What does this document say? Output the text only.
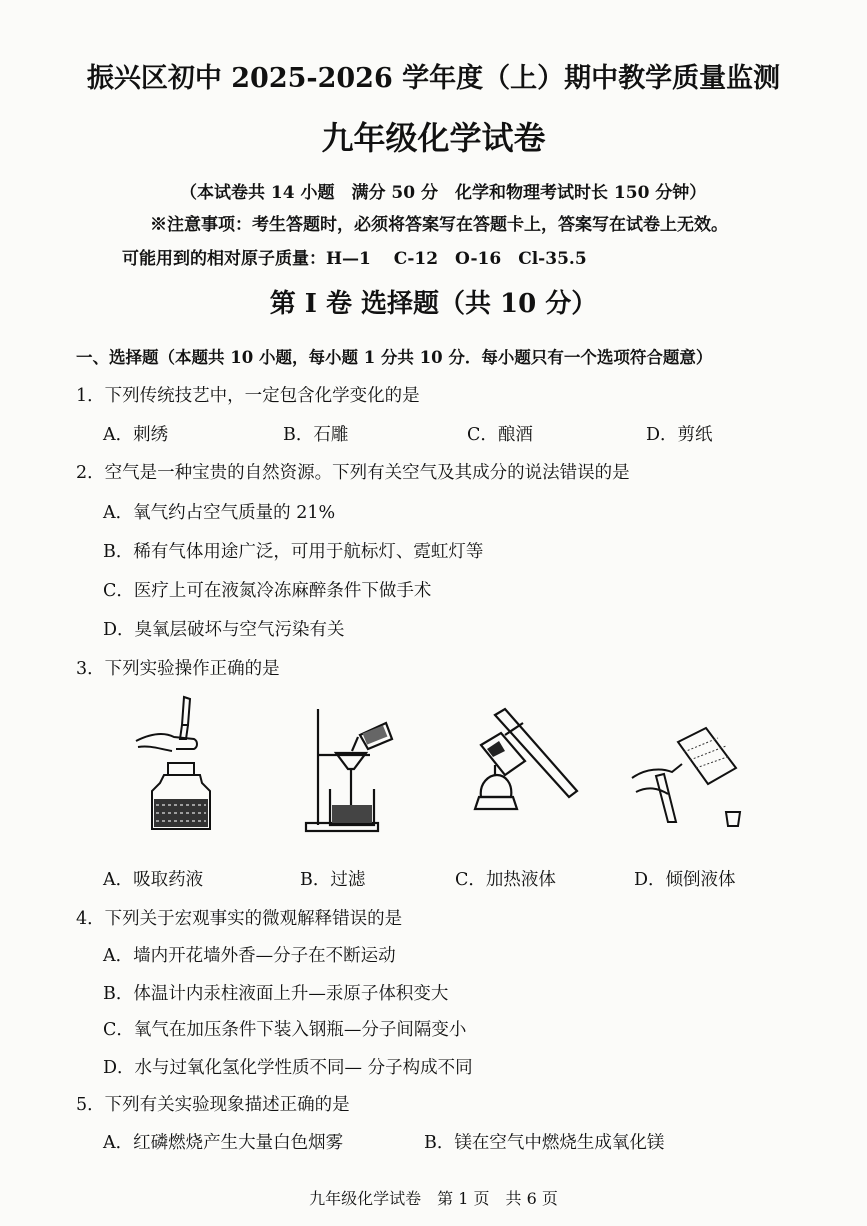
振兴区初中 2025-2026 学年度（上）期中教学质量监测
九年级化学试卷
（本试卷共 14 小题　满分 50 分　化学和物理考试时长 150 分钟）
※注意事项：考生答题时，必须将答案写在答题卡上，答案写在试卷上无效。
可能用到的相对原子质量：H—1　 C-12　O-16　Cl-35.5
第 I 卷 选择题（共 10 分）
一、选择题（本题共 10 小题，每小题 1 分共 10 分．每小题只有一个选项符合题意）
1．下列传统技艺中，一定包含化学变化的是
A．刺绣	B．石雕	C．酿酒	D．剪纸
2．空气是一种宝贵的自然资源。下列有关空气及其成分的说法错误的是
A．氧气约占空气质量的 21%
B．稀有气体用途广泛，可用于航标灯、霓虹灯等
C．医疗上可在液氮冷冻麻醉条件下做手术
D．臭氧层破坏与空气污染有关
3．下列实验操作正确的是
A．吸取药液	B．过滤	C．加热液体	D．倾倒液体
4．下列关于宏观事实的微观解释错误的是
A．墙内开花墙外香—分子在不断运动
B．体温计内汞柱液面上升—汞原子体积变大
C．氧气在加压条件下装入钢瓶—分子间隔变小
D．水与过氧化氢化学性质不同— 分子构成不同
5．下列有关实验现象描述正确的是
A．红磷燃烧产生大量白色烟雾	B．镁在空气中燃烧生成氧化镁
九年级化学试卷　第 1 页　共 6 页
